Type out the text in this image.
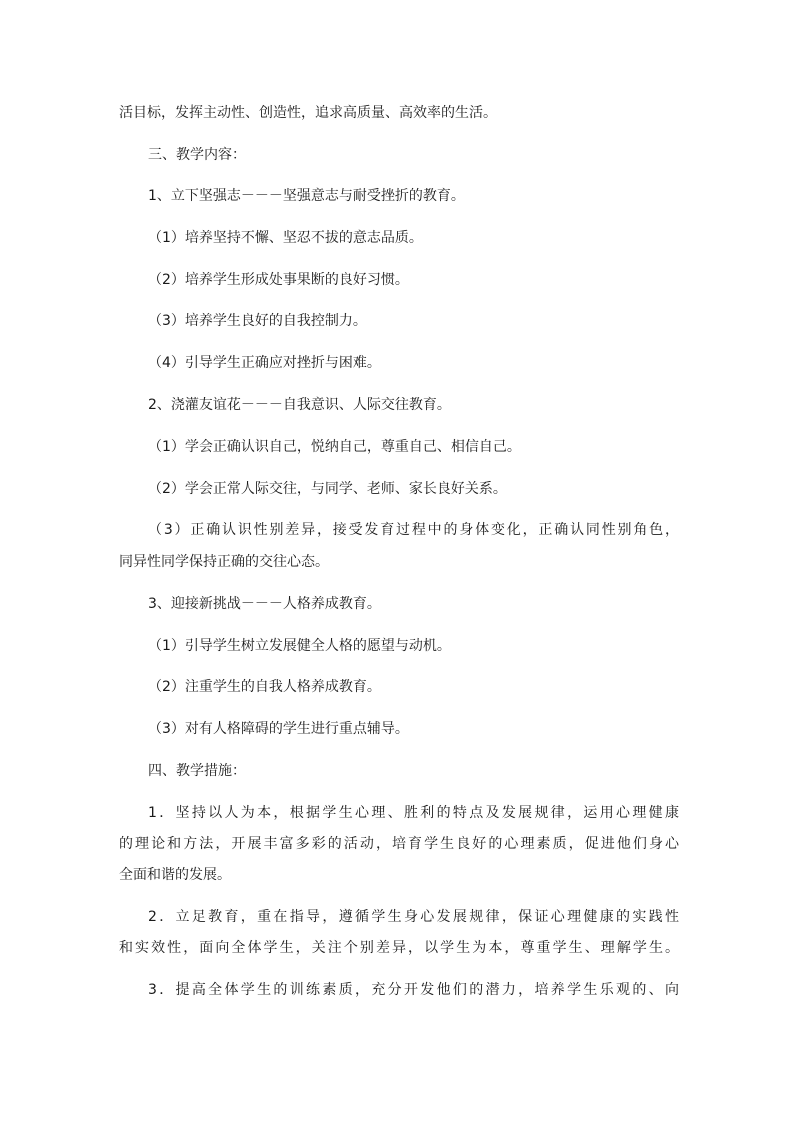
活目标，发挥主动性、创造性，追求高质量、高效率的生活。

三、教学内容：

1、立下坚强志－－－坚强意志与耐受挫折的教育。

（1）培养坚持不懈、坚忍不拔的意志品质。

（2）培养学生形成处事果断的良好习惯。

（3）培养学生良好的自我控制力。

（4）引导学生正确应对挫折与困难。

2、浇灌友谊花－－－自我意识、人际交往教育。

（1）学会正确认识自己，悦纳自己，尊重自己、相信自己。

（2）学会正常人际交往，与同学、老师、家长良好关系。

（3）正确认识性别差异，接受发育过程中的身体变化，正确认同性别角色，

同异性同学保持正确的交往心态。

3、迎接新挑战－－－人格养成教育。

（1）引导学生树立发展健全人格的愿望与动机。

（2）注重学生的自我人格养成教育。

（3）对有人格障碍的学生进行重点辅导。

四、教学措施：

1．坚持以人为本，根据学生心理、胜利的特点及发展规律，运用心理健康

的理论和方法，开展丰富多彩的活动，培育学生良好的心理素质，促进他们身心

全面和谐的发展。

2．立足教育，重在指导，遵循学生身心发展规律，保证心理健康的实践性

和实效性，面向全体学生，关注个别差异，以学生为本，尊重学生、理解学生。

3．提高全体学生的训练素质，充分开发他们的潜力，培养学生乐观的、向
